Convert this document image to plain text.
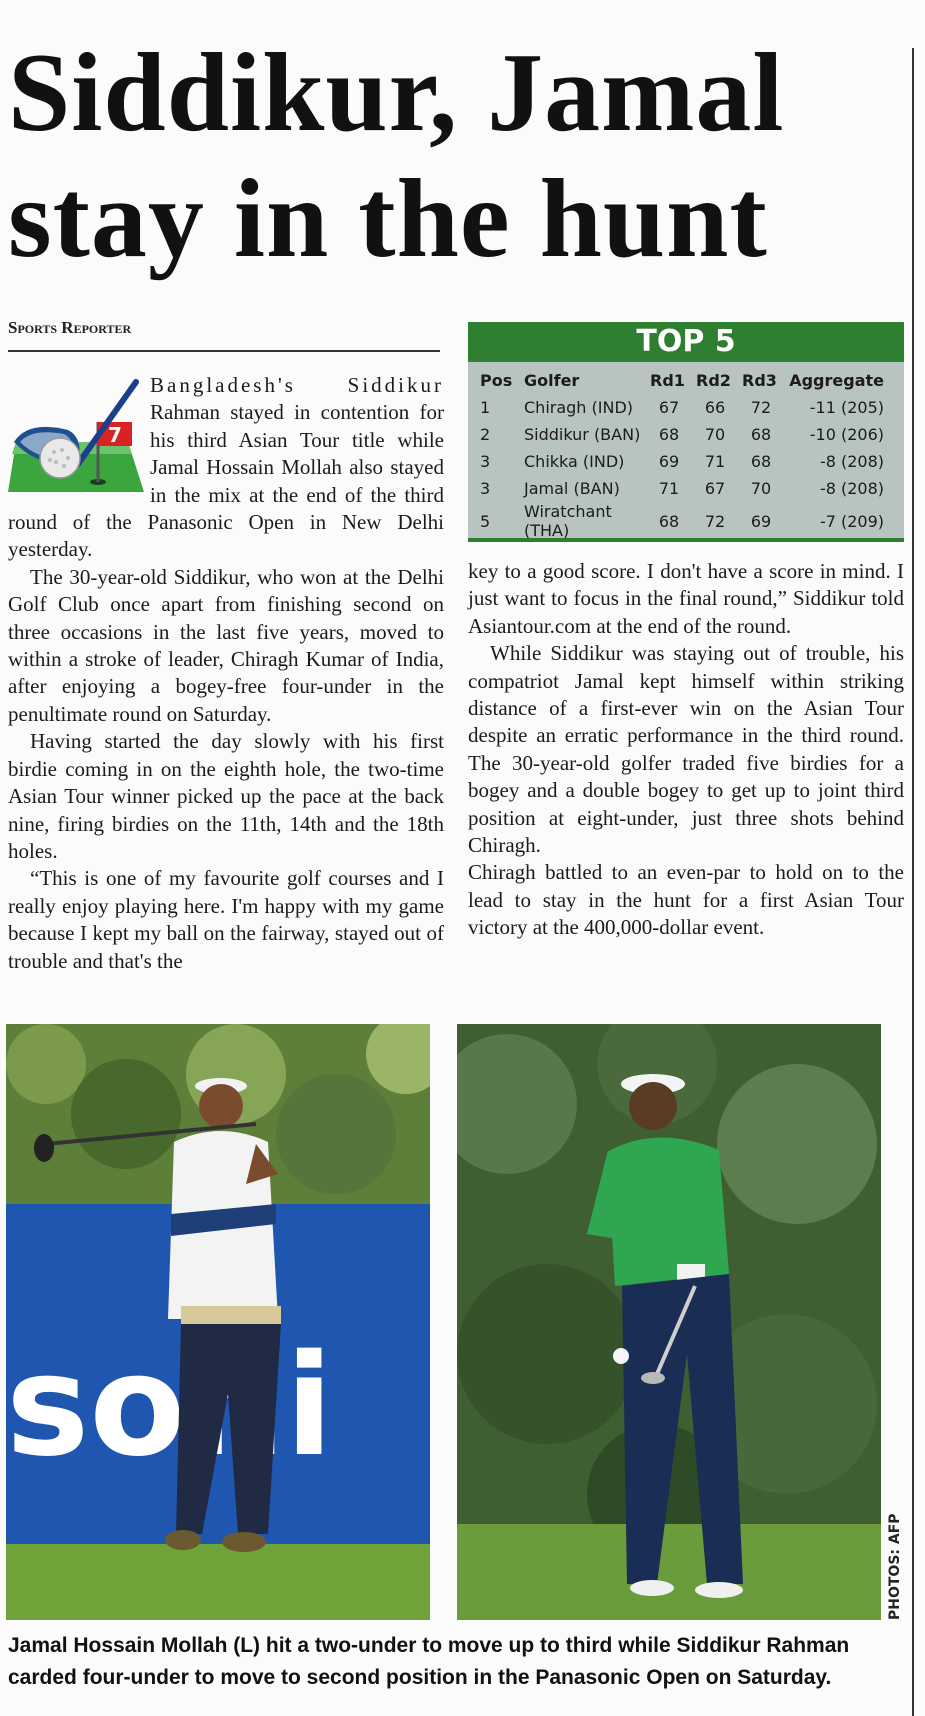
Siddikur, Jamal stay in the hunt
Sports Reporter	TOP 5
Pos	Golfer	Rd1	Rd2	Rd3	Aggregate
1	Chiragh (IND)	67	66	72	-11 (205)
2	Siddikur (BAN)	68	70	68	-10 (206)
3	Chikka (IND)	69	71	68	-8 (208)
3	Jamal (BAN)	71	67	70	-8 (208)
5	Wiratchant (THA)	68	72	69	-7 (209)
7

Bangladesh's Siddikur Rahman stayed in contention for his third Asian Tour title while Jamal Hossain Mollah also stayed in the mix at the end of the third round of the Panasonic Open in New Delhi yesterday.

The 30-year-old Siddikur, who won at the Delhi Golf Club once apart from finishing second on three occasions in the last five years, moved to within a stroke of leader, Chiragh Kumar of India, after enjoying a bogey-free four-under in the penultimate round on Saturday.

Having started the day slowly with his first birdie coming in on the eighth hole, the two-time Asian Tour winner picked up the pace at the back nine, firing birdies on the 11th, 14th and the 18th holes.

“This is one of my favourite golf courses and I really enjoy playing here. I'm happy with my game because I kept my ball on the fairway, stayed out of trouble and that's the

key to a good score. I don't have a score in mind. I just want to focus in the final round,” Siddikur told Asiantour.com at the end of the round.

While Siddikur was staying out of trouble, his compatriot Jamal kept himself within striking distance of a first-ever win on the Asian Tour despite an erratic performance in the third round. The 30-year-old golfer traded five birdies for a bogey and a double bogey to get up to joint third position at eight-under, just three shots behind Chiragh.

Chiragh battled to an even-par to hold on to the lead to stay in the hunt for a first Asian Tour victory at the 400,000-dollar event.

soni
PHOTOS: AFP
Jamal Hossain Mollah (L) hit a two-under to move up to third while Siddikur Rahman carded four-under to move to second position in the Panasonic Open on Saturday.
